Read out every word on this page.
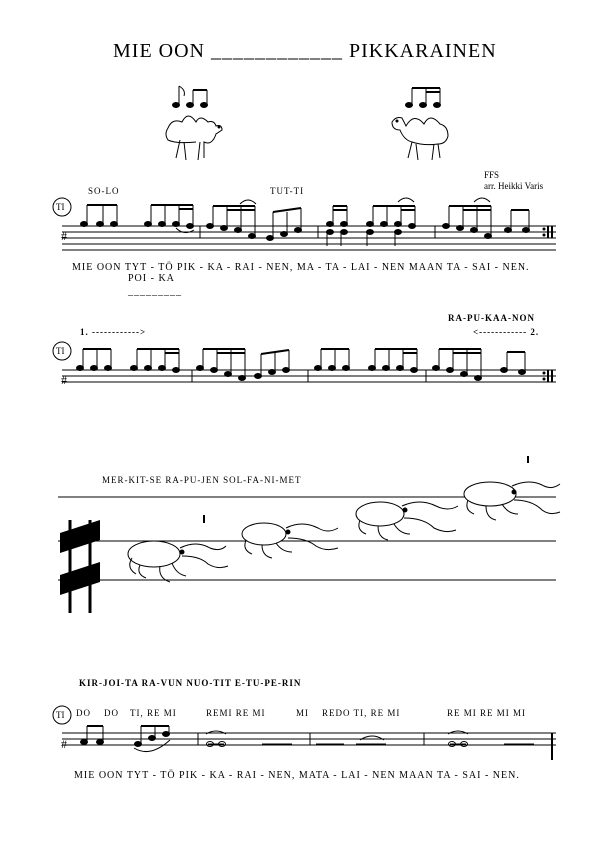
MIE OON ____________ PIKKARAINEN
FFS
arr. Heikki Varis
SO-LO	TUT-TI
TI
MIE OON TYT - TÖ PIK - KA - RAI - NEN, MA - TA - LAI - NEN MAAN TA - SAI - NEN.
POI - KA
_________
RA-PU-KAA-NON
1. ------------>	<------------ 2.
TI
MER-KIT-SE RA-PU-JEN SOL-FA-NI-MET
TI
KIR-JOI-TA RA-VUN NUO-TIT E-TU-PE-RIN
TI DO DO TI, RE MI	REMI RE MI	MI REDO TI, RE MI	RE MI RE MI MI
MIE OON TYT - TÖ PIK - KA - RAI - NEN, MATA - LAI - NEN MAAN TA - SAI - NEN.
#
#
#
